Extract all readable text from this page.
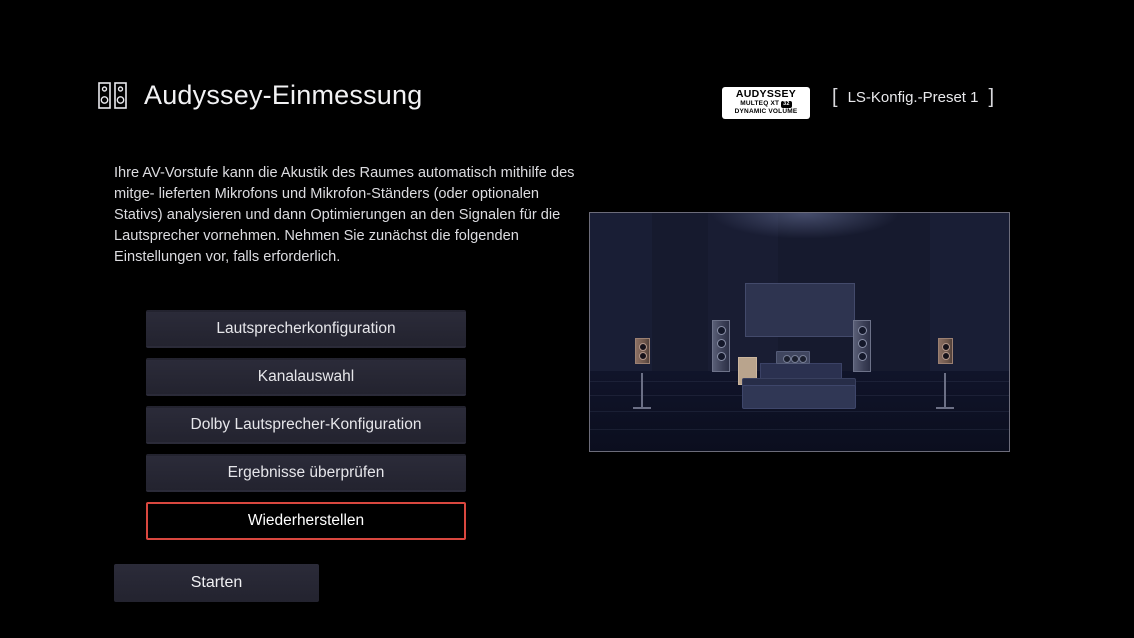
Audyssey-Einmessung	AUDYSSEY
MULTEQ XT 32
DYNAMIC VOLUME
[ LS-Konfig.-Preset 1 ]
Ihre AV-Vorstufe kann die Akustik des Raumes automatisch mithilfe des mitge- lieferten Mikrofons und Mikrofon-Ständers (oder optionalen Stativs) analysieren und dann Optimierungen an den Signalen für die Lautsprecher vornehmen. Nehmen Sie zunächst die folgenden Einstellungen vor, falls erforderlich.
Lautsprecherkonfiguration
Kanalauswahl
Dolby Lautsprecher-Konfiguration
Ergebnisse überprüfen
Wiederherstellen
Starten
